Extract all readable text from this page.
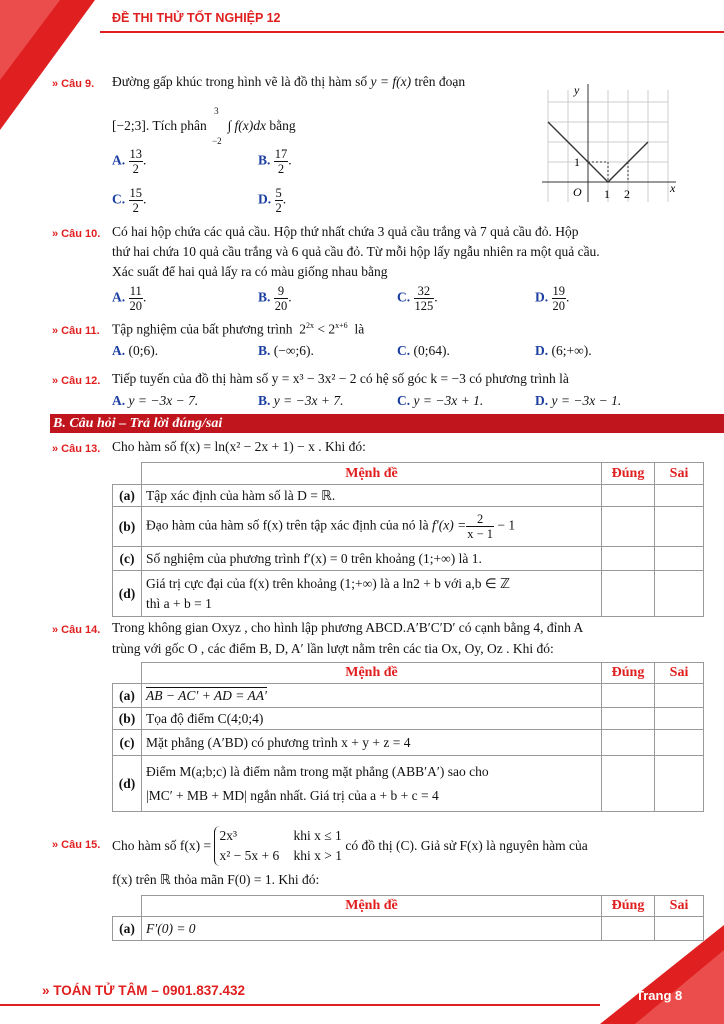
ĐỀ THI THỬ TỐT NGHIỆP 12
» Câu 9. Đường gấp khúc trong hình vẽ là đồ thị hàm số y = f(x) trên đoạn
[−2;3]. Tích phân
3
−2
∫ f(x)dx bằng
A. $\frac{13}{2}$ .	B. $\frac{17}{2}$ .
C. $\frac{15}{2}$ .	D. $\frac{5}{2}$ .
y
x
O 1 2
1
» Câu 10. Có hai hộp chứa các quả cầu. Hộp thứ nhất chứa 3 quả cầu trắng và 7 quả cầu đỏ. Hộp
thứ hai chứa 10 quả cầu trắng và 6 quả cầu đỏ. Từ mỗi hộp lấy ngẫu nhiên ra một quả cầu.
Xác suất để hai quả lấy ra có màu giống nhau bằng
A. $\frac{11}{20}$ .	B. $\frac{9}{20}$ .	C. $\frac{32}{125}$ .	D. $\frac{19}{20}$ .
» Câu 11. Tập nghiệm của bất phương trình $2^{2x} < 2^{x+6}$ là
A. (0;6).	B. (−∞;6).	C. (0;64).	D. (6;+∞).
» Câu 12. Tiếp tuyến của đồ thị hàm số y = x³ − 3x² − 2 có hệ số góc k = −3 có phương trình là
A. y = −3x − 7.	B. y = −3x + 7.	C. y = −3x + 1.	D. y = −3x − 1.
B. Câu hỏi – Trả lời đúng/sai
» Câu 13. Cho hàm số f(x) = ln(x² − 2x + 1) − x . Khi đó:
	Mệnh đề	Đúng	Sai
(a)	Tập xác định của hàm số là D = ℝ.		
(b)	Đạo hàm của hàm số f(x) trên tập xác định của nó là $f'(x) = \frac{2}{x - 1} - 1$		
(c)	Số nghiệm của phương trình f′(x) = 0 trên khoảng (1;+∞) là 1.		
(d)	Giá trị cực đại của f(x) trên khoảng (1;+∞) là a ln2 + b với a,b ∈ ℤ
thì a + b = 1		

» Câu 14. Trong không gian Oxyz , cho hình lập phương ABCD.A′B′C′D′ có cạnh bằng 4, đỉnh A
trùng với gốc O , các điểm B, D, A′ lần lượt nằm trên các tia Ox, Oy, Oz . Khi đó:
	Mệnh đề	Đúng	Sai
(a)	AB − AC′ + AD = AA′		
(b)	Tọa độ điểm C(4;0;4)		
(c)	Mặt phẳng (A′BD) có phương trình x + y + z = 4		
(d)	Điểm M(a;b;c) là điểm nằm trong mặt phẳng (ABB′A′) sao cho
|MC′ + MB + MD| ngắn nhất. Giá trị của a + b + c = 4		

» Câu 15. Cho hàm số f(x) =
2x³	khi x ≤ 1
x² − 5x + 6 khi x > 1
có đồ thị (C). Giả sử F(x) là nguyên hàm của
f(x) trên ℝ thỏa mãn F(0) = 1. Khi đó:
	Mệnh đề	Đúng	Sai
(a)	F′(0) = 0		
» TOÁN TỬ TÂM – 0901.837.432	Trang 8
